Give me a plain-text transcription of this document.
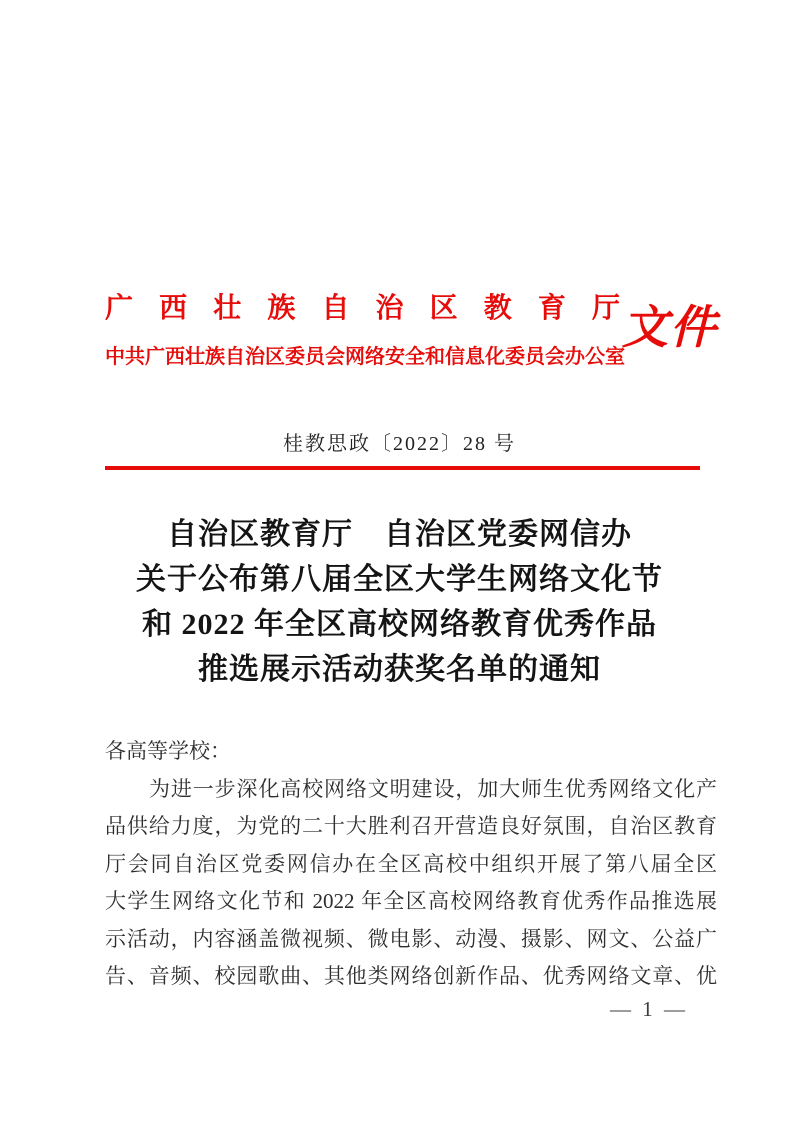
广 西 壮 族 自 治 区 教 育 厅
中 共 广 西 壮 族 自 治 区 委 员 会 网 络 安 全 和 信 息 化 委 员 会 办 公 室
文件
桂教思政〔2022〕28 号
自治区教育厅　自治区党委网信办
关于公布第八届全区大学生网络文化节
和 2022 年全区高校网络教育优秀作品
推选展示活动获奖名单的通知
各高等学校：
为进一步深化高校网络文明建设，加大师生优秀网络文化产
品供给力度，为党的二十大胜利召开营造良好氛围，自治区教育
厅会同自治区党委网信办在全区高校中组织开展了第八届全区
大学生网络文化节和 2022 年全区高校网络教育优秀作品推选展
示活动，内容涵盖微视频、微电影、动漫、摄影、网文、公益广
告、音频、校园歌曲、其他类网络创新作品、优秀网络文章、优
— 1 —
